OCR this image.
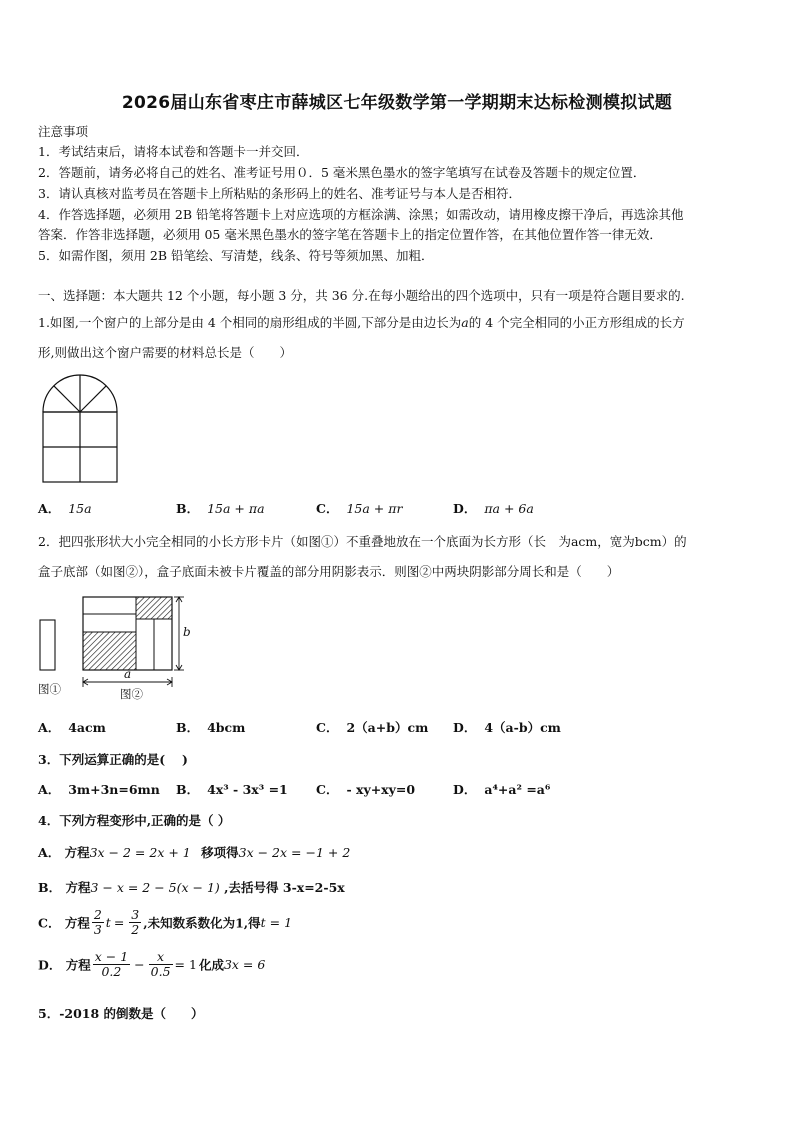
2026届山东省枣庄市薛城区七年级数学第一学期期末达标检测模拟试题
注意事项
1．考试结束后，请将本试卷和答题卡一并交回．
2．答题前，请务必将自己的姓名、准考证号用０．5 毫米黑色墨水的签字笔填写在试卷及答题卡的规定位置．
3．请认真核对监考员在答题卡上所粘贴的条形码上的姓名、准考证号与本人是否相符．
4．作答选择题，必须用 2B 铅笔将答题卡上对应选项的方框涂满、涂黑；如需改动，请用橡皮擦干净后，再选涂其他
答案．作答非选择题，必须用 05 毫米黑色墨水的签字笔在答题卡上的指定位置作答，在其他位置作答一律无效．
5．如需作图，须用 2B 铅笔绘、写清楚，线条、符号等须加黑、加粗．
一、选择题：本大题共 12 个小题，每小题 3 分，共 36 分.在每小题给出的四个选项中，只有一项是符合题目要求的.
1.如图,一个窗户的上部分是由 4 个相同的扇形组成的半圆,下部分是由边长为a的 4 个完全相同的小正方形组成的长方
形,则做出这个窗户需要的材料总长是（　　）
A． 15a	B． 15a + πa	C． 15a + πr	D． πa + 6a
2．把四张形状大小完全相同的小长方形卡片（如图①）不重叠地放在一个底面为长方形（长　为acm，宽为bcm）的
盒子底部（如图②），盒子底面未被卡片覆盖的部分用阴影表示．则图②中两块阴影部分周长和是（　　）
b
a
图①	图②
A． 4acm	B． 4bcm	C． 2（a+b）cm D． 4（a-b）cm
3．下列运算正确的是(　 )
A． 3m+3n=6mn B． 4x³ - 3x³ =1 C． - xy+xy=0	D． a⁴+a² =a⁶
4．下列方程变形中,正确的是（ ）
A． 方程3x − 2 = 2x + 1 移项得3x − 2x = −1 + 2
B． 方程3 − x = 2 − 5(x − 1) ,去括号得 3-x=2-5x
C． 方程 $\frac{2}{3}$ $t = \frac{3}{2}$ ,未知数系数化为1,得t = 1
D． 方程 $\frac{x - 1}{0.2} - \frac{x}{0.5} = 1$ 化成3x = 6
5．-2018 的倒数是（　　）
